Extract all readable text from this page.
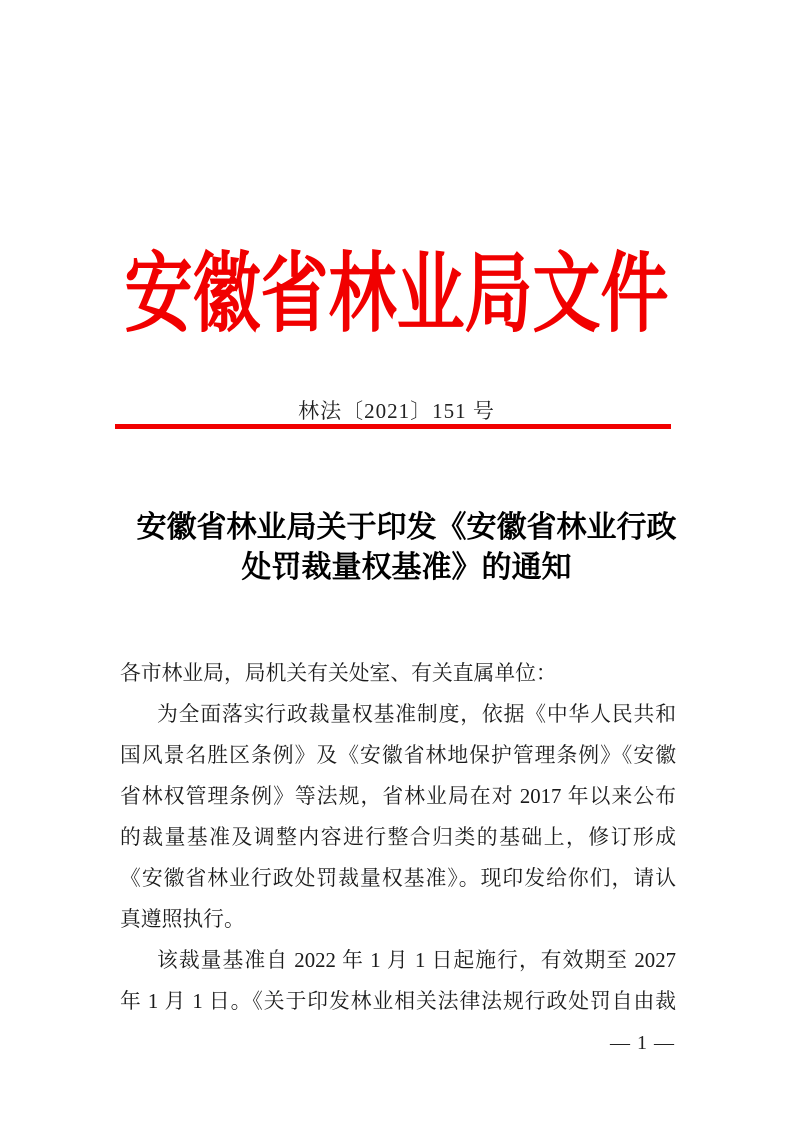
安徽省林业局文件
林法〔2021〕151 号
安徽省林业局关于印发《安徽省林业行政
处罚裁量权基准》的通知
各市林业局，局机关有关处室、有关直属单位：
为全面落实行政裁量权基准制度，依据《中华人民共和
国风景名胜区条例》及《安徽省林地保护管理条例》《安徽
省林权管理条例》等法规，省林业局在对 2017 年以来公布
的裁量基准及调整内容进行整合归类的基础上，修订形成
《安徽省林业行政处罚裁量权基准》。现印发给你们，请认
真遵照执行。
该裁量基准自 2022 年 1 月 1 日起施行，有效期至 2027
年 1 月 1 日。《关于印发林业相关法律法规行政处罚自由裁
— 1 —
